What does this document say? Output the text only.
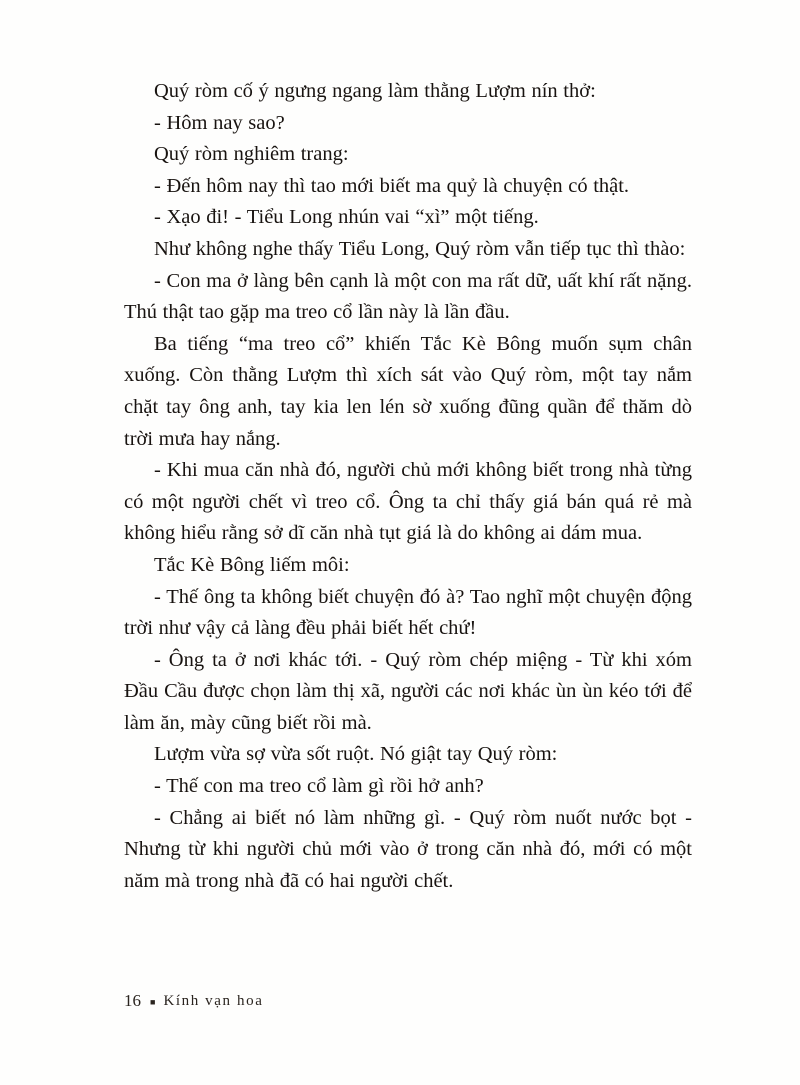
Quý ròm cố ý ngưng ngang làm thằng Lượm nín thở:

- Hôm nay sao?

Quý ròm nghiêm trang:

- Đến hôm nay thì tao mới biết ma quỷ là chuyện có thật.

- Xạo đi! - Tiểu Long nhún vai “xì” một tiếng.

Như không nghe thấy Tiểu Long, Quý ròm vẫn tiếp tục thì thào:

- Con ma ở làng bên cạnh là một con ma rất dữ, uất khí rất nặng. Thú thật tao gặp ma treo cổ lần này là lần đầu.

Ba tiếng “ma treo cổ” khiến Tắc Kè Bông muốn sụm chân xuống. Còn thằng Lượm thì xích sát vào Quý ròm, một tay nắm chặt tay ông anh, tay kia len lén sờ xuống đũng quần để thăm dò trời mưa hay nắng.

- Khi mua căn nhà đó, người chủ mới không biết trong nhà từng có một người chết vì treo cổ. Ông ta chỉ thấy giá bán quá rẻ mà không hiểu rằng sở dĩ căn nhà tụt giá là do không ai dám mua.

Tắc Kè Bông liếm môi:

- Thế ông ta không biết chuyện đó à? Tao nghĩ một chuyện động trời như vậy cả làng đều phải biết hết chứ!

- Ông ta ở nơi khác tới. - Quý ròm chép miệng - Từ khi xóm Đầu Cầu được chọn làm thị xã, người các nơi khác ùn ùn kéo tới để làm ăn, mày cũng biết rồi mà.

Lượm vừa sợ vừa sốt ruột. Nó giật tay Quý ròm:

- Thế con ma treo cổ làm gì rồi hở anh?

- Chẳng ai biết nó làm những gì. - Quý ròm nuốt nước bọt - Nhưng từ khi người chủ mới vào ở trong căn nhà đó, mới có một năm mà trong nhà đã có hai người chết.

16 ■ Kính vạn hoa
